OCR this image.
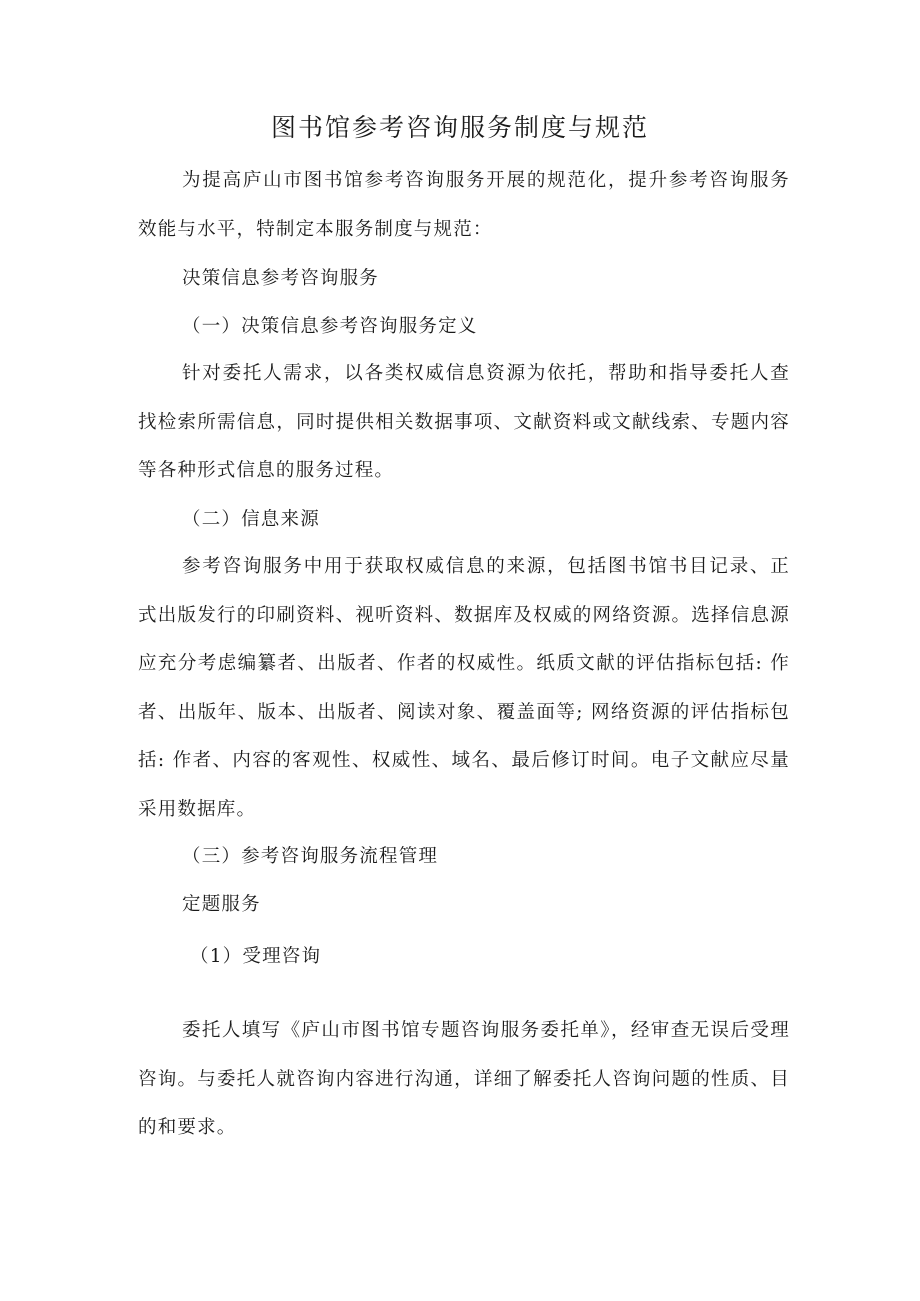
图书馆参考咨询服务制度与规范

为提高庐山市图书馆参考咨询服务开展的规范化，提升参考咨询服务效能与水平，特制定本服务制度与规范：

决策信息参考咨询服务

（一）决策信息参考咨询服务定义

针对委托人需求，以各类权威信息资源为依托，帮助和指导委托人查找检索所需信息，同时提供相关数据事项、文献资料或文献线索、专题内容等各种形式信息的服务过程。

（二）信息来源

参考咨询服务中用于获取权威信息的来源，包括图书馆书目记录、正式出版发行的印刷资料、视听资料、数据库及权威的网络资源。选择信息源应充分考虑编纂者、出版者、作者的权威性。纸质文献的评估指标包括: 作者、出版年、版本、出版者、阅读对象、覆盖面等; 网络资源的评估指标包括: 作者、内容的客观性、权威性、域名、最后修订时间。电子文献应尽量采用数据库。

（三）参考咨询服务流程管理

定题服务

（1）受理咨询

委托人填写《庐山市图书馆专题咨询服务委托单》，经审查无误后受理咨询。与委托人就咨询内容进行沟通，详细了解委托人咨询问题的性质、目的和要求。
